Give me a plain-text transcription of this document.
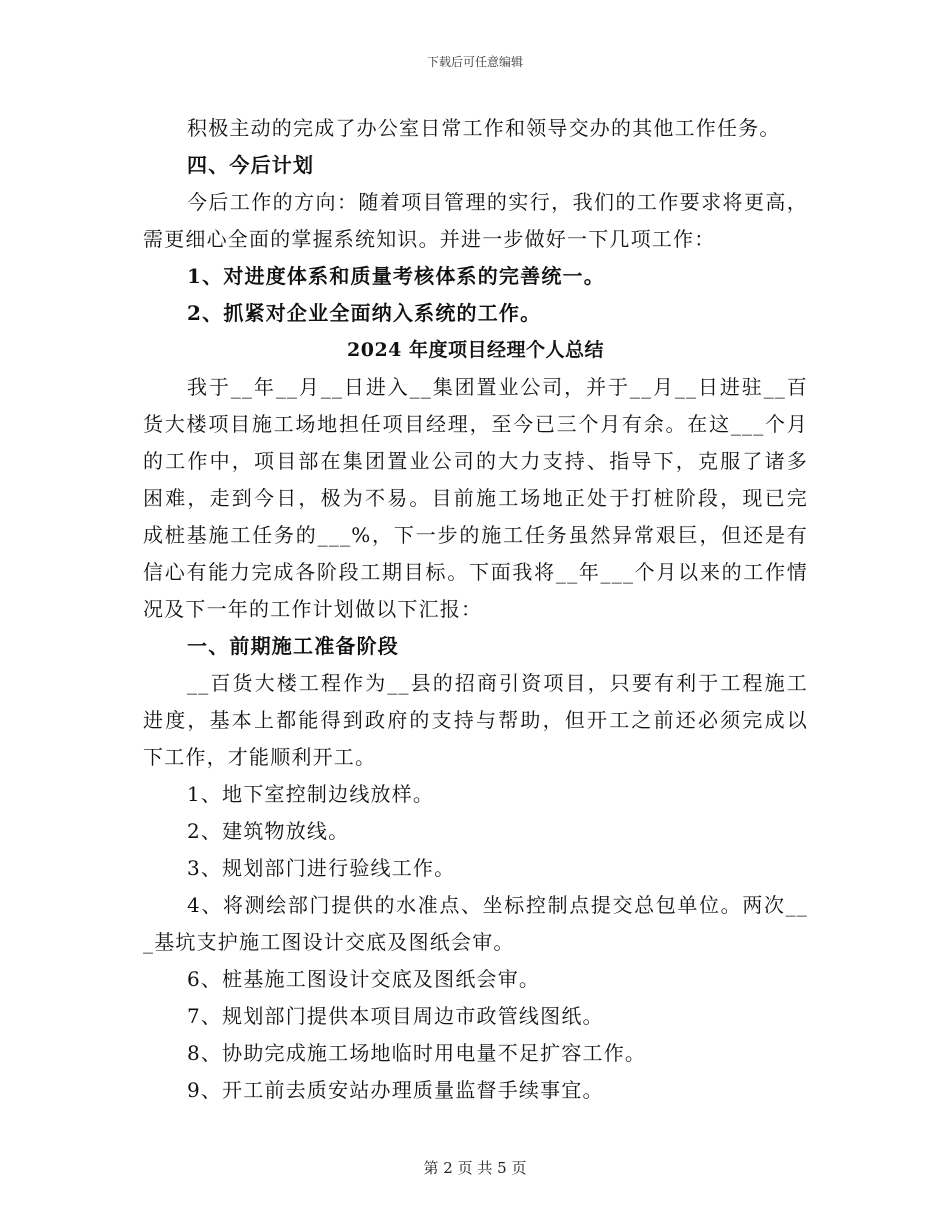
下载后可任意编辑
积极主动的完成了办公室日常工作和领导交办的其他工作任务。
四、今后计划
今后工作的方向：随着项目管理的实行，我们的工作要求将更高，
需更细心全面的掌握系统知识。并进一步做好一下几项工作：
1、对进度体系和质量考核体系的完善统一。
2、抓紧对企业全面纳入系统的工作。
2024 年度项目经理个人总结
我于__年__月__日进入__集团置业公司，并于__月__日进驻__百
货大楼项目施工场地担任项目经理，至今已三个月有余。在这___个月
的工作中，项目部在集团置业公司的大力支持、指导下，克服了诸多
困难，走到今日，极为不易。目前施工场地正处于打桩阶段，现已完
成桩基施工任务的___%，下一步的施工任务虽然异常艰巨，但还是有
信心有能力完成各阶段工期目标。下面我将__年___个月以来的工作情
况及下一年的工作计划做以下汇报：
一、前期施工准备阶段
__百货大楼工程作为__县的招商引资项目，只要有利于工程施工
进度，基本上都能得到政府的支持与帮助，但开工之前还必须完成以
下工作，才能顺利开工。
1、地下室控制边线放样。
2、建筑物放线。
3、规划部门进行验线工作。
4、将测绘部门提供的水准点、坐标控制点提交总包单位。两次__
_基坑支护施工图设计交底及图纸会审。
6、桩基施工图设计交底及图纸会审。
7、规划部门提供本项目周边市政管线图纸。
8、协助完成施工场地临时用电量不足扩容工作。
9、开工前去质安站办理质量监督手续事宜。
第 2 页 共 5 页
